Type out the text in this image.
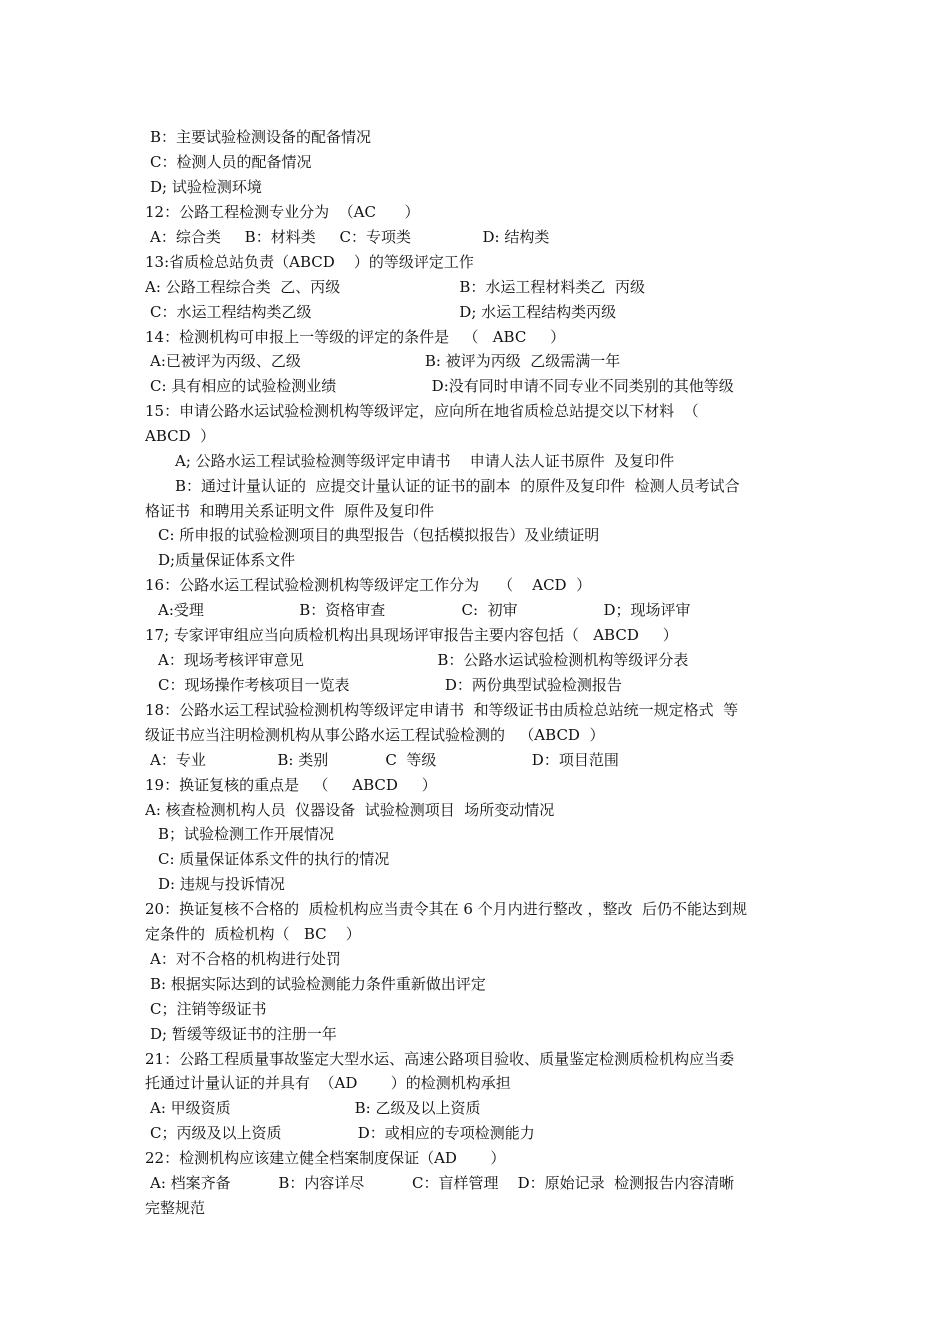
B：主要试验检测设备的配备情况
C：检测人员的配备情况
D; 试验检测环境
12：公路工程检测专业分为  （AC      ）
A：综合类     B：材料类     C：专项类               D: 结构类
13:省质检总站负责（ABCD    ）的等级评定工作
A: 公路工程综合类  乙、丙级                         B：水运工程材料类乙  丙级
C：水运工程结构类乙级                               D; 水运工程结构类丙级
14：检测机构可申报上一等级的评定的条件是   （   ABC     ）
A:已被评为丙级、乙级                          B: 被评为丙级  乙级需满一年
C: 具有相应的试验检测业绩                    D:没有同时申请不同专业不同类别的其他等级
15：申请公路水运试验检测机构等级评定，应向所在地省质检总站提交以下材料  （
ABCD  ）
A; 公路水运工程试验检测等级评定申请书    申请人法人证书原件  及复印件
B：通过计量认证的  应提交计量认证的证书的副本  的原件及复印件  检测人员考试合
格证书  和聘用关系证明文件  原件及复印件
C: 所申报的试验检测项目的典型报告（包括模拟报告）及业绩证明
D;质量保证体系文件
16：公路水运工程试验检测机构等级评定工作分为    （    ACD  ）
A:受理                    B：资格审查                C:  初审                  D；现场评审
17; 专家评审组应当向质检机构出具现场评审报告主要内容包括（   ABCD     ）
A：现场考核评审意见                            B：公路水运试验检测机构等级评分表
C：现场操作考核项目一览表                    D：两份典型试验检测报告
18：公路水运工程试验检测机构等级评定申请书  和等级证书由质检总站统一规定格式  等
级证书应当注明检测机构从事公路水运工程试验检测的   （ABCD  ）
A：专业               B: 类别            C  等级                    D：项目范围
19：换证复核的重点是   （     ABCD     ）
A: 核查检测机构人员  仪器设备  试验检测项目  场所变动情况
B；试验检测工作开展情况
C: 质量保证体系文件的执行的情况
D: 违规与投诉情况
20：换证复核不合格的  质检机构应当责令其在 6 个月内进行整改 ，整改  后仍不能达到规
定条件的  质检机构（   BC    ）
A：对不合格的机构进行处罚
B: 根据实际达到的试验检测能力条件重新做出评定
C；注销等级证书
D; 暂缓等级证书的注册一年
21：公路工程质量事故鉴定大型水运、高速公路项目验收、质量鉴定检测质检机构应当委
托通过计量认证的并具有  （AD       ）的检测机构承担
A: 甲级资质                          B: 乙级及以上资质
C；丙级及以上资质                D：或相应的专项检测能力
22：检测机构应该建立健全档案制度保证（AD       ）
A: 档案齐备          B：内容详尽          C：盲样管理    D：原始记录  检测报告内容清晰
完整规范
